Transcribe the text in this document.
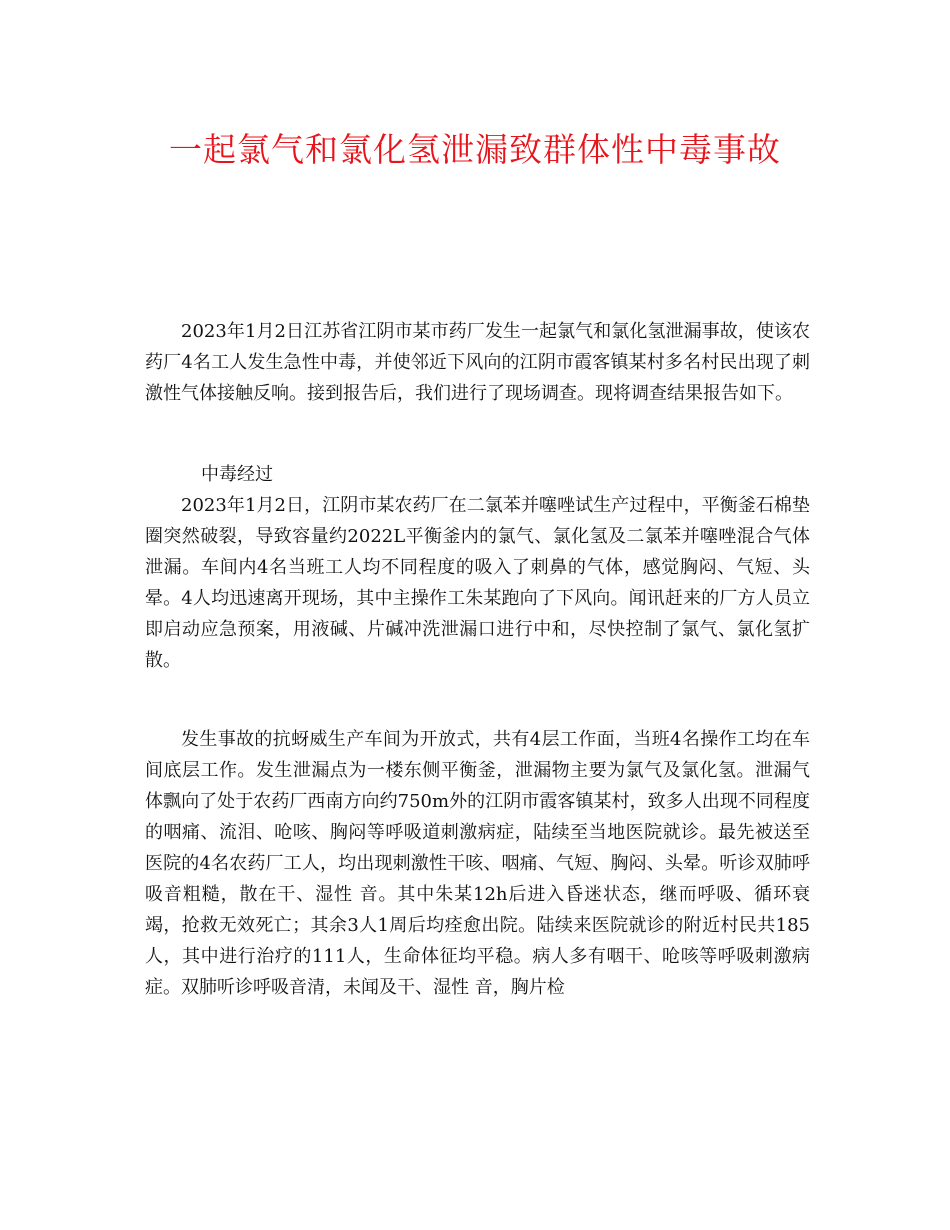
一起氯气和氯化氢泄漏致群体性中毒事故

2023年1月2日江苏省江阴市某市药厂发生一起氯气和氯化氢泄漏事故，使该农药厂4名工人发生急性中毒，并使邻近下风向的江阴市霞客镇某村多名村民出现了刺激性气体接触反响。接到报告后，我们进行了现场调查。现将调查结果报告如下。

中毒经过

2023年1月2日，江阴市某农药厂在二氯苯并噻唑试生产过程中，平衡釜石棉垫圈突然破裂，导致容量约2022L平衡釜内的氯气、氯化氢及二氯苯并噻唑混合气体泄漏。车间内4名当班工人均不同程度的吸入了刺鼻的气体，感觉胸闷、气短、头晕。4人均迅速离开现场，其中主操作工朱某跑向了下风向。闻讯赶来的厂方人员立即启动应急预案，用液碱、片碱冲洗泄漏口进行中和，尽快控制了氯气、氯化氢扩散。

发生事故的抗蚜威生产车间为开放式，共有4层工作面，当班4名操作工均在车间底层工作。发生泄漏点为一楼东侧平衡釜，泄漏物主要为氯气及氯化氢。泄漏气体飘向了处于农药厂西南方向约750m外的江阴市霞客镇某村，致多人出现不同程度的咽痛、流泪、呛咳、胸闷等呼吸道刺激病症，陆续至当地医院就诊。最先被送至医院的4名农药厂工人，均出现刺激性干咳、咽痛、气短、胸闷、头晕。听诊双肺呼吸音粗糙，散在干、湿性 音。其中朱某12h后进入昏迷状态，继而呼吸、循环衰竭，抢救无效死亡；其余3人1周后均痊愈出院。陆续来医院就诊的附近村民共185人，其中进行治疗的111人，生命体征均平稳。病人多有咽干、呛咳等呼吸刺激病症。双肺听诊呼吸音清，未闻及干、湿性 音，胸片检
